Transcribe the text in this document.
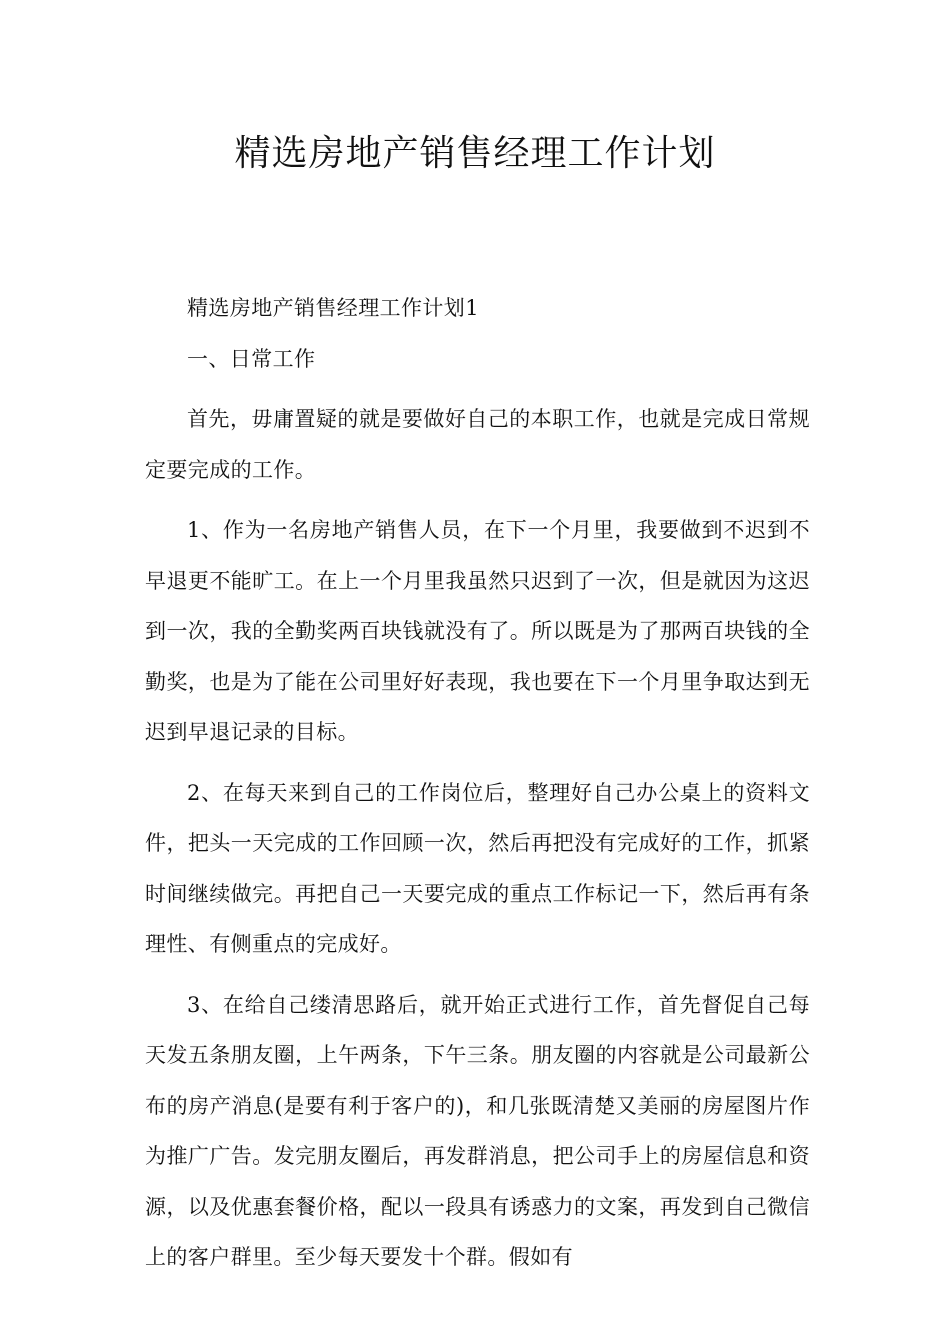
精选房地产销售经理工作计划

精选房地产销售经理工作计划1

一、日常工作

首先，毋庸置疑的就是要做好自己的本职工作，也就是完成日常规定要完成的工作。

1、作为一名房地产销售人员，在下一个月里，我要做到不迟到不早退更不能旷工。在上一个月里我虽然只迟到了一次，但是就因为这迟到一次，我的全勤奖两百块钱就没有了。所以既是为了那两百块钱的全勤奖，也是为了能在公司里好好表现，我也要在下一个月里争取达到无迟到早退记录的目标。

2、在每天来到自己的工作岗位后，整理好自己办公桌上的资料文件，把头一天完成的工作回顾一次，然后再把没有完成好的工作，抓紧时间继续做完。再把自己一天要完成的重点工作标记一下，然后再有条理性、有侧重点的完成好。

3、在给自己缕清思路后，就开始正式进行工作，首先督促自己每天发五条朋友圈，上午两条，下午三条。朋友圈的内容就是公司最新公布的房产消息(是要有利于客户的)，和几张既清楚又美丽的房屋图片作为推广广告。发完朋友圈后，再发群消息，把公司手上的房屋信息和资源，以及优惠套餐价格，配以一段具有诱惑力的文案，再发到自己微信上的客户群里。至少每天要发十个群。假如有
